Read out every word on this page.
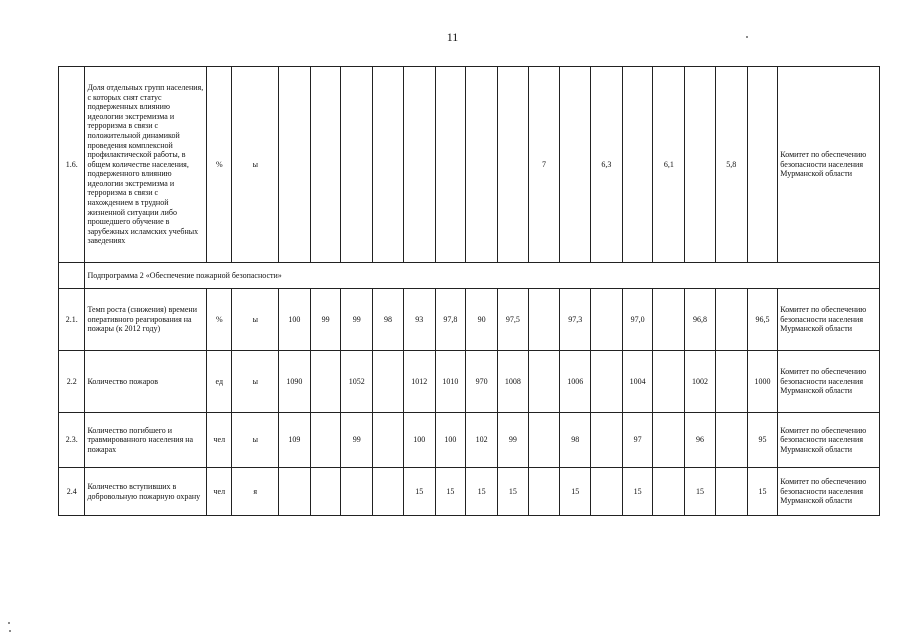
11
1.6.	Доля отдельных групп населения, с которых снят статус подверженных влиянию идеологии экстремизма и терроризма в связи с положительной динамикой проведения комплексной профилактической работы, в общем количестве населения, подверженного влиянию идеологии экстремизма и терроризма в связи с нахождением в трудной жизненной ситуации либо прошедшего обучение в зарубежных исламских учебных заведениях	%	ы									7		6,3		6,1		5,8		Комитет по обеспечению безопасности населения Мурманской области
	Подпрограмма 2 «Обеспечение пожарной безопасности»																			
2.1.	Темп роста (снижения) времени оперативного реагирования на пожары (к 2012 году)	%	ы	100	99	99	98	93	97,8	90	97,5		97,3		97,0		96,8		96,5	Комитет по обеспечению безопасности населения Мурманской области
2.2	Количество пожаров	ед	ы	1090		1052		1012	1010	970	1008		1006		1004		1002		1000	Комитет по обеспечению безопасности населения Мурманской области
2.3.	Количество погибшего и травмированного населения на пожарах	чел	ы	109		99		100	100	102	99		98		97		96		95	Комитет по обеспечению безопасности населения Мурманской области
2.4	Количество вступивших в добровольную пожарную охрану	чел	я					15	15	15	15		15		15		15		15	Комитет по обеспечению безопасности населения Мурманской области
